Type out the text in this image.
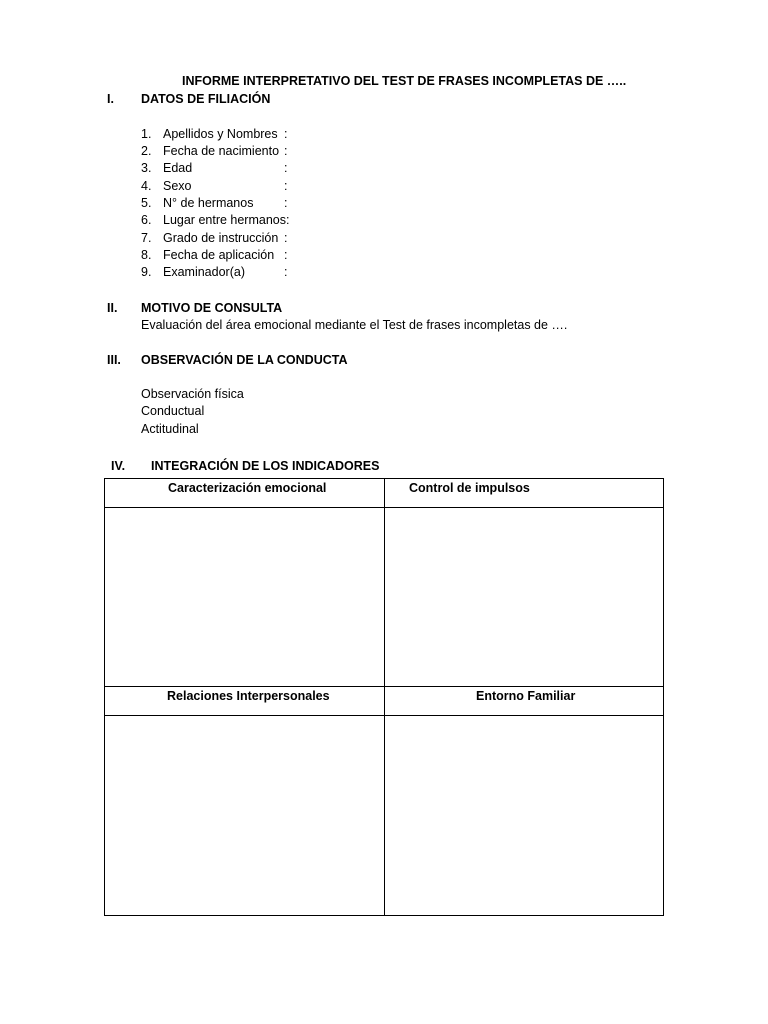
INFORME INTERPRETATIVO DEL TEST DE FRASES INCOMPLETAS DE …..
I. DATOS DE FILIACIÓN
1. Apellidos y Nombres :
2. Fecha de nacimiento :
3. Edad	:
4. Sexo	:
5. N° de hermanos :
6. Lugar entre hermanos:
7. Grado de instrucción :
8. Fecha de aplicación :
9. Examinador(a)	:
II. MOTIVO DE CONSULTA
Evaluación del área emocional mediante el Test de frases incompletas de ….
III. OBSERVACIÓN DE LA CONDUCTA
Observación física
Conductual
Actitudinal
IV. INTEGRACIÓN DE LOS INDICADORES
Caracterización emocional	Control de impulsos

Relaciones Interpersonales	Entorno Familiar
